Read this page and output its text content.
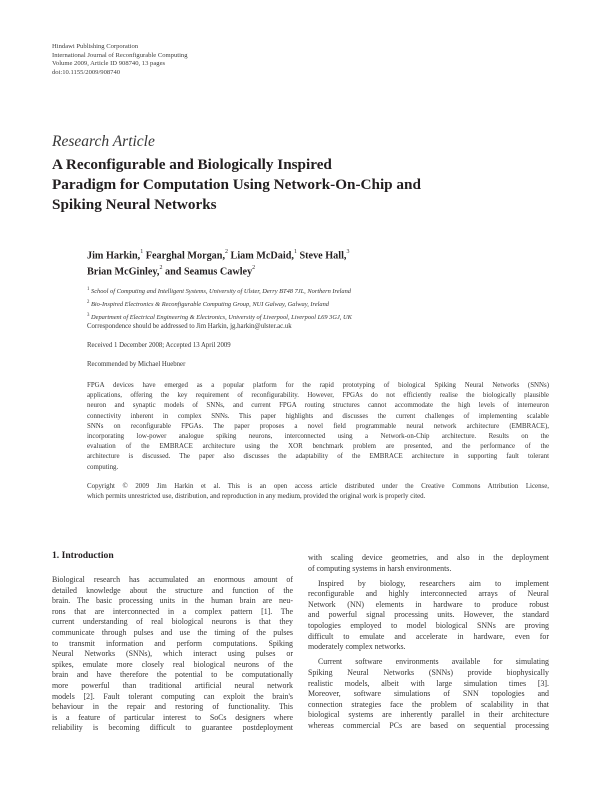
Hindawi Publishing Corporation
International Journal of Reconfigurable Computing
Volume 2009, Article ID 908740, 13 pages
doi:10.1155/2009/908740
Research Article
A Reconfigurable and Biologically Inspired
Paradigm for Computation Using Network-On-Chip and
Spiking Neural Networks
Jim Harkin,$^1$ Fearghal Morgan,$^2$ Liam McDaid,$^1$ Steve Hall,$^3$
Brian McGinley,$^2$ and Seamus Cawley$^2$
$^1$ School of Computing and Intelligent Systems, University of Ulster, Derry BT48 7JL, Northern Ireland
$^2$ Bio-Inspired Electronics & Reconfigurable Computing Group, NUI Galway, Galway, Ireland
$^3$ Department of Electrical Engineering & Electronics, University of Liverpool, Liverpool L69 3GJ, UK
Correspondence should be addressed to Jim Harkin, jg.harkin@ulster.ac.uk
Received 1 December 2008; Accepted 13 April 2009
Recommended by Michael Huebner
FPGA devices have emerged as a popular platform for the rapid prototyping of biological Spiking Neural Networks (SNNs)
applications, offering the key requirement of reconfigurability. However, FPGAs do not efficiently realise the biologically plausible
neuron and synaptic models of SNNs, and current FPGA routing structures cannot accommodate the high levels of interneuron
connectivity inherent in complex SNNs. This paper highlights and discusses the current challenges of implementing scalable
SNNs on reconfigurable FPGAs. The paper proposes a novel field programmable neural network architecture (EMBRACE),
incorporating low-power analogue spiking neurons, interconnected using a Network-on-Chip architecture. Results on the
evaluation of the EMBRACE architecture using the XOR benchmark problem are presented, and the performance of the
architecture is discussed. The paper also discusses the adaptability of the EMBRACE architecture in supporting fault tolerant
computing.
Copyright © 2009 Jim Harkin et al. This is an open access article distributed under the Creative Commons Attribution License,
which permits unrestricted use, distribution, and reproduction in any medium, provided the original work is properly cited.
1. Introduction
Biological research has accumulated an enormous amount of
detailed knowledge about the structure and function of the
brain. The basic processing units in the human brain are neu-
rons that are interconnected in a complex pattern [1]. The
current understanding of real biological neurons is that they
communicate through pulses and use the timing of the pulses
to transmit information and perform computations. Spiking
Neural Networks (SNNs), which interact using pulses or
spikes, emulate more closely real biological neurons of the
brain and have therefore the potential to be computationally
more powerful than traditional artificial neural network
models [2]. Fault tolerant computing can exploit the brain's
behaviour in the repair and restoring of functionality. This
is a feature of particular interest to SoCs designers where
reliability is becoming difficult to guarantee postdeployment
with scaling device geometries, and also in the deployment
of computing systems in harsh environments.
Inspired by biology, researchers aim to implement
reconfigurable and highly interconnected arrays of Neural
Network (NN) elements in hardware to produce robust
and powerful signal processing units. However, the standard
topologies employed to model biological SNNs are proving
difficult to emulate and accelerate in hardware, even for
moderately complex networks.
Current software environments available for simulating
Spiking Neural Networks (SNNs) provide biophysically
realistic models, albeit with large simulation times [3].
Moreover, software simulations of SNN topologies and
connection strategies face the problem of scalability in that
biological systems are inherently parallel in their architecture
whereas commercial PCs are based on sequential processing
